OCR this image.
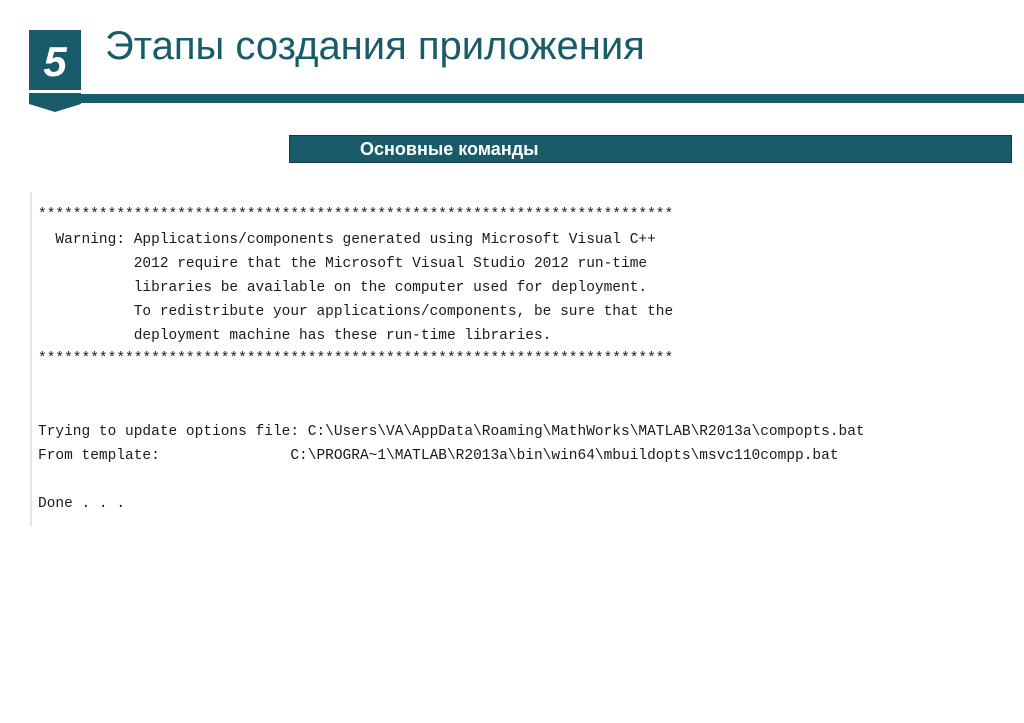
5 Этапы создания приложения
Основные команды
*************************************************************************
Warning: Applications/components generated using Microsoft Visual C++
2012 require that the Microsoft Visual Studio 2012 run-time
libraries be available on the computer used for deployment.
To redistribute your applications/components, be sure that the
deployment machine has these run-time libraries.
*************************************************************************
Trying to update options file: C:\Users\VA\AppData\Roaming\MathWorks\MATLAB\R2013a\compopts.bat
From template:               C:\PROGRA~1\MATLAB\R2013a\bin\win64\mbuildopts\msvc110compp.bat
Done . . .
